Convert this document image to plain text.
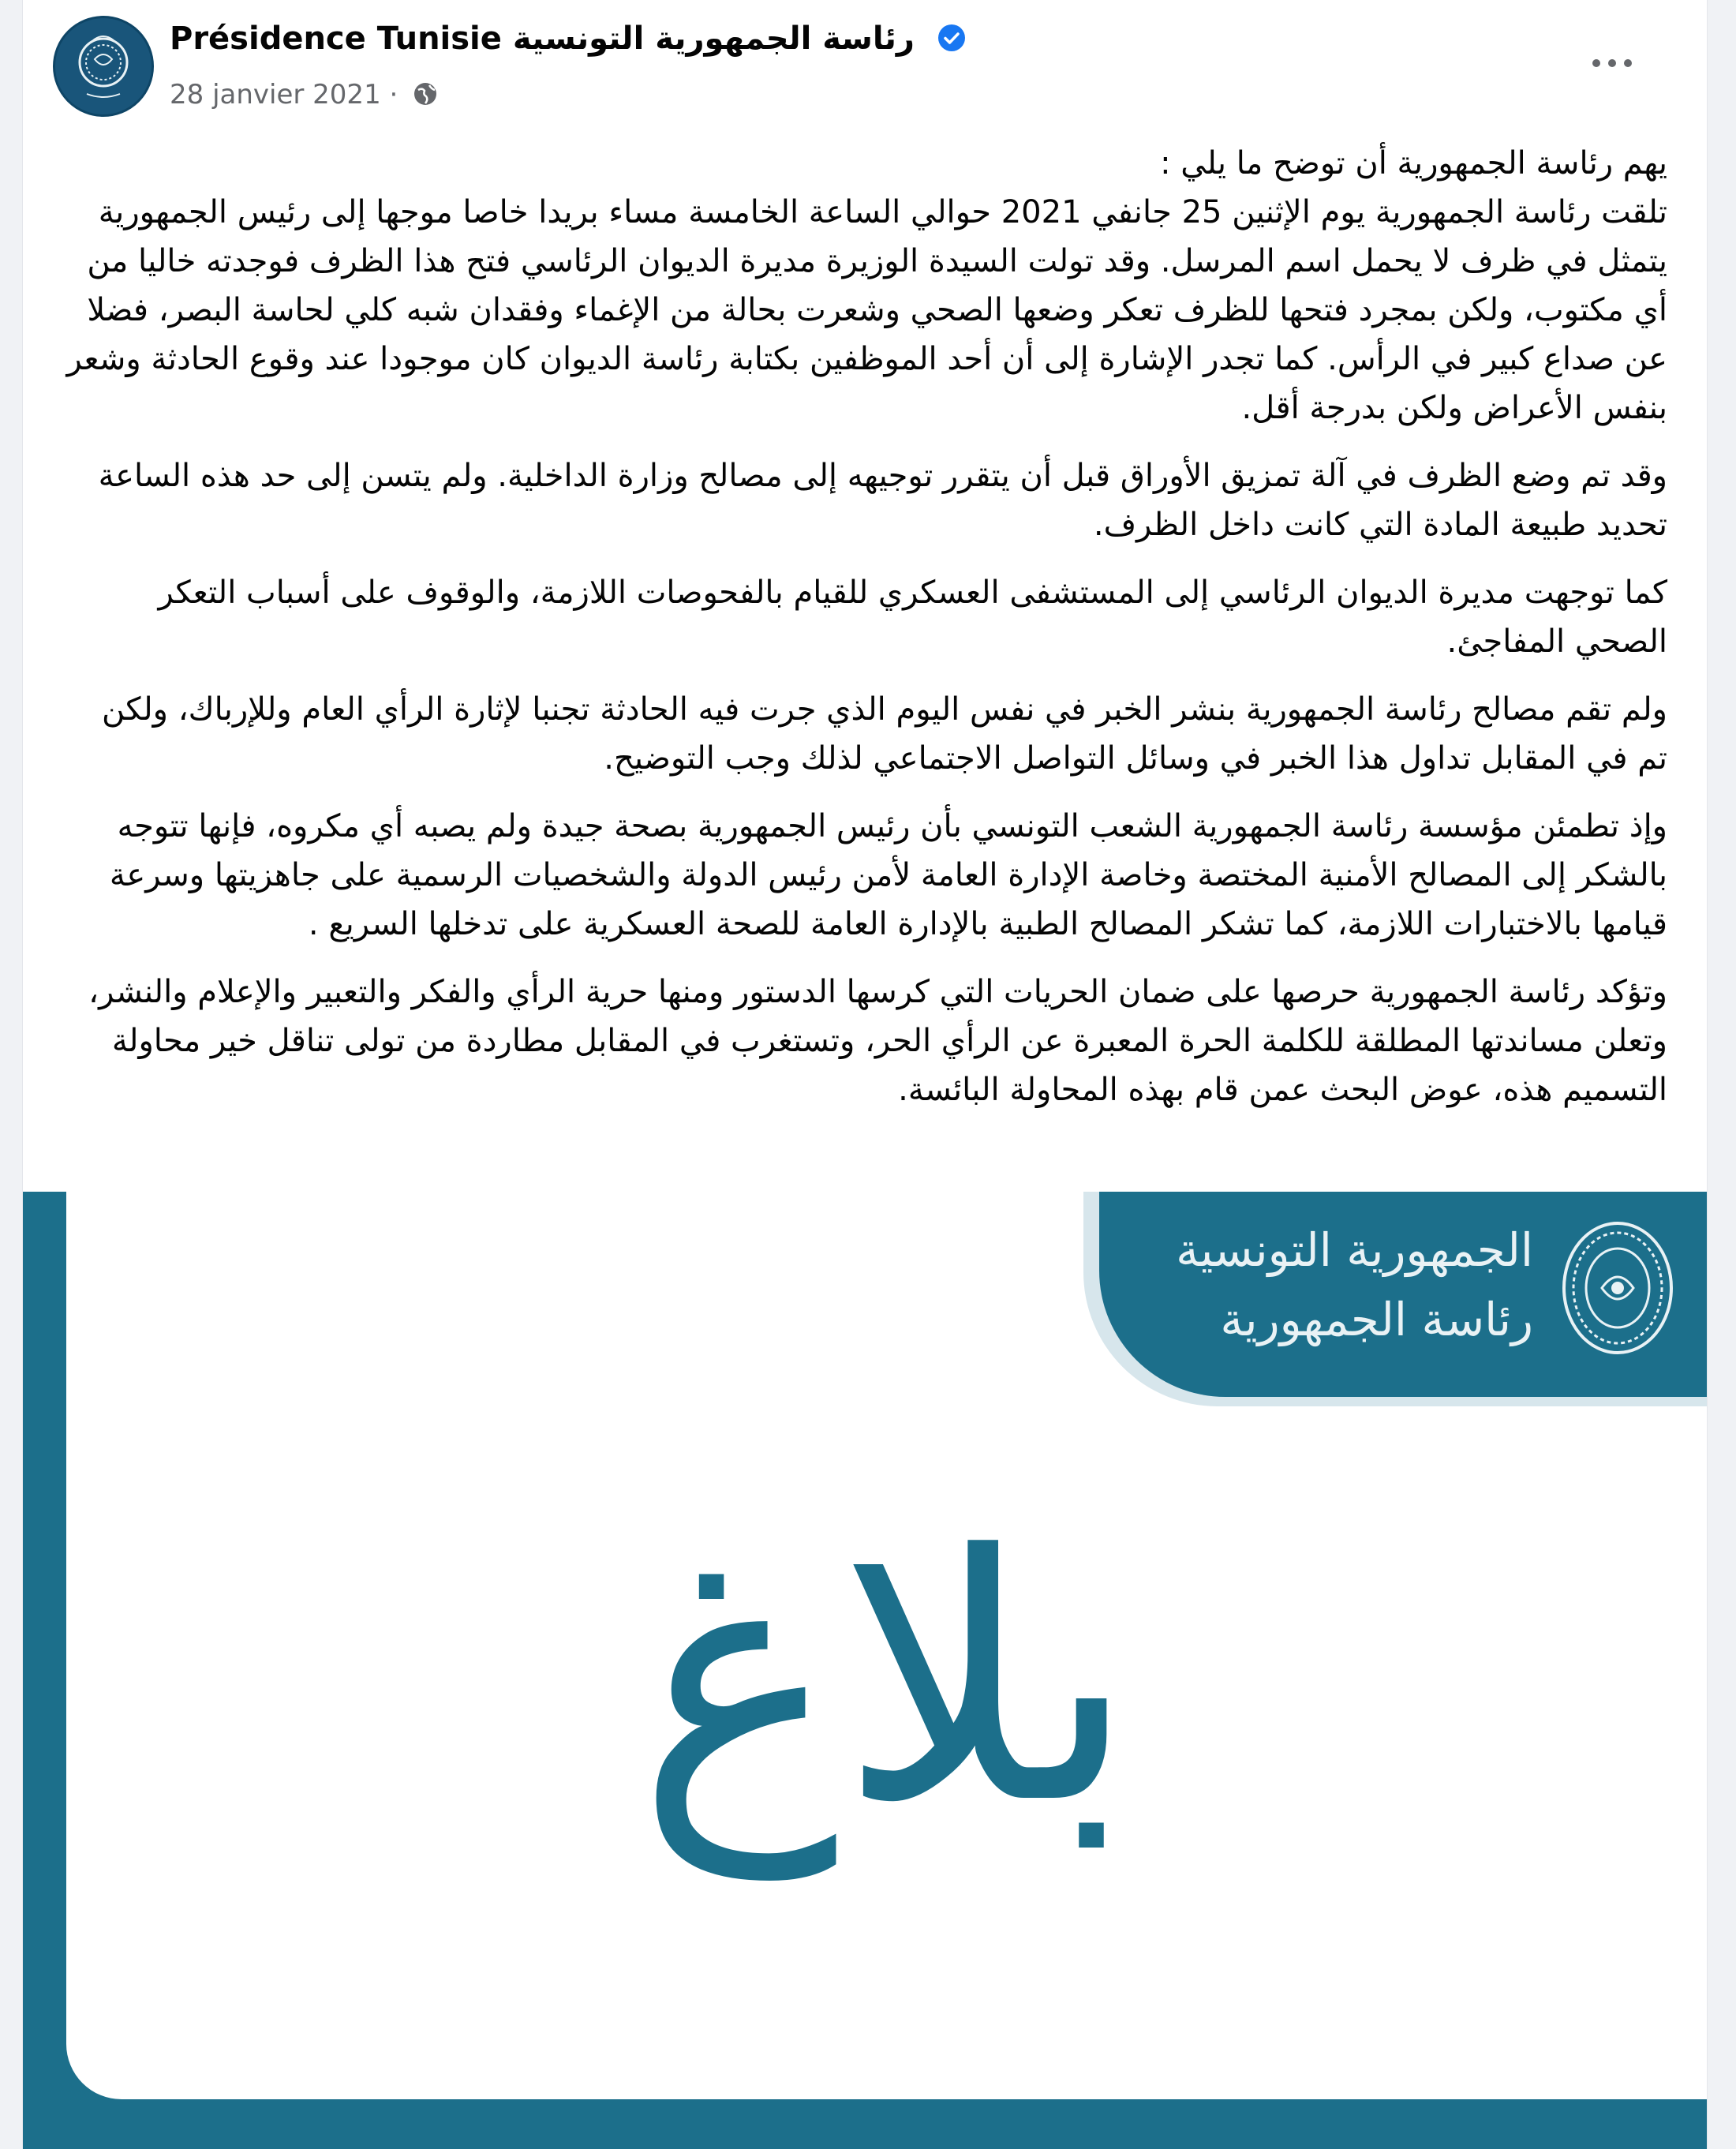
Présidence Tunisie رئاسة الجمهورية التونسية
28 janvier 2021 ·

يهم رئاسة الجمهورية أن توضح ما يلي :
تلقت رئاسة الجمهورية يوم الإثنين 25 جانفي 2021 حوالي الساعة الخامسة مساء بريدا خاصا موجها إلى رئيس الجمهورية يتمثل في ظرف لا يحمل اسم المرسل. وقد تولت السيدة الوزيرة مديرة الديوان الرئاسي فتح هذا الظرف فوجدته خاليا من أي مكتوب، ولكن بمجرد فتحها للظرف تعكر وضعها الصحي وشعرت بحالة من الإغماء وفقدان شبه كلي لحاسة البصر، فضلا عن صداع كبير في الرأس. كما تجدر الإشارة إلى أن أحد الموظفين بكتابة رئاسة الديوان كان موجودا عند وقوع الحادثة وشعر بنفس الأعراض ولكن بدرجة أقل.

وقد تم وضع الظرف في آلة تمزيق الأوراق قبل أن يتقرر توجيهه إلى مصالح وزارة الداخلية. ولم يتسن إلى حد هذه الساعة تحديد طبيعة المادة التي كانت داخل الظرف.

كما توجهت مديرة الديوان الرئاسي إلى المستشفى العسكري للقيام بالفحوصات اللازمة، والوقوف على أسباب التعكر الصحي المفاجئ.

ولم تقم مصالح رئاسة الجمهورية بنشر الخبر في نفس اليوم الذي جرت فيه الحادثة تجنبا لإثارة الرأي العام وللإرباك، ولكن تم في المقابل تداول هذا الخبر في وسائل التواصل الاجتماعي لذلك وجب التوضيح.

وإذ تطمئن مؤسسة رئاسة الجمهورية الشعب التونسي بأن رئيس الجمهورية بصحة جيدة ولم يصبه أي مكروه، فإنها تتوجه بالشكر إلى المصالح الأمنية المختصة وخاصة الإدارة العامة لأمن رئيس الدولة والشخصيات الرسمية على جاهزيتها وسرعة قيامها بالاختبارات اللازمة، كما تشكر المصالح الطبية بالإدارة العامة للصحة العسكرية على تدخلها السريع .

وتؤكد رئاسة الجمهورية حرصها على ضمان الحريات التي كرسها الدستور ومنها حرية الرأي والفكر والتعبير والإعلام والنشر، وتعلن مساندتها المطلقة للكلمة الحرة المعبرة عن الرأي الحر، وتستغرب في المقابل مطاردة من تولى تناقل خير محاولة التسميم هذه، عوض البحث عمن قام بهذه المحاولة البائسة.

الجمهورية التونسية
رئاسة الجمهورية
بلاغ
